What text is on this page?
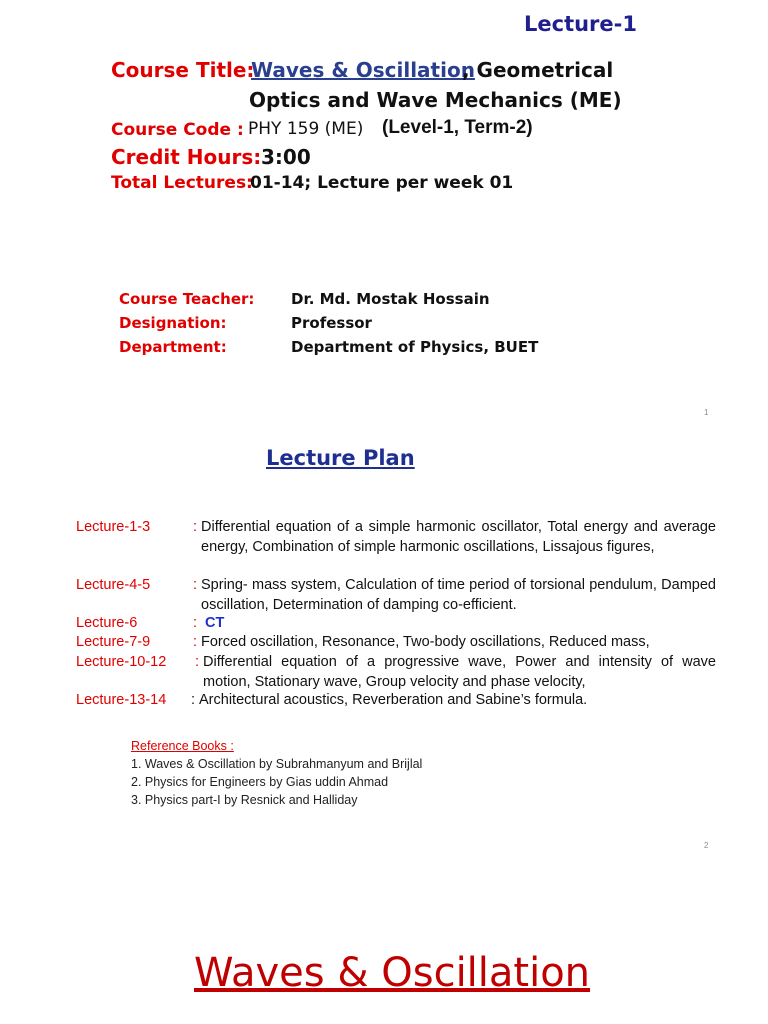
Lecture-1
Course Title:
Waves & Oscillation
, Geometrical
Optics and Wave Mechanics (ME)
Course Code : PHY 159 (ME) (Level-1, Term-2)
Credit Hours: 3:00
Total Lectures:
01-14; Lecture per week 01
Course Teacher: Dr. Md. Mostak Hossain
Designation:	Professor
Department:	Department of Physics, BUET
1
Lecture Plan
Lecture-1-3	: Differential equation of a simple harmonic oscillator, Total energy and average energy, Combination of simple harmonic oscillations, Lissajous figures,
Lecture-4-5	: Spring- mass system, Calculation of time period of torsional pendulum, Damped oscillation, Determination of damping co-efficient.
Lecture-6	: CT
Lecture-7-9	: Forced oscillation, Resonance, Two-body oscillations, Reduced mass,
Lecture-10-12 : Differential equation of a progressive wave, Power and intensity of wave motion, Stationary wave, Group velocity and phase velocity,
Lecture-13-14 : Architectural acoustics, Reverberation and Sabine’s formula.
Reference Books :
1. Waves & Oscillation by Subrahmanyum and Brijlal
2. Physics for Engineers by Gias uddin Ahmad
3. Physics part-I by Resnick and Halliday
2
Waves & Oscillation
